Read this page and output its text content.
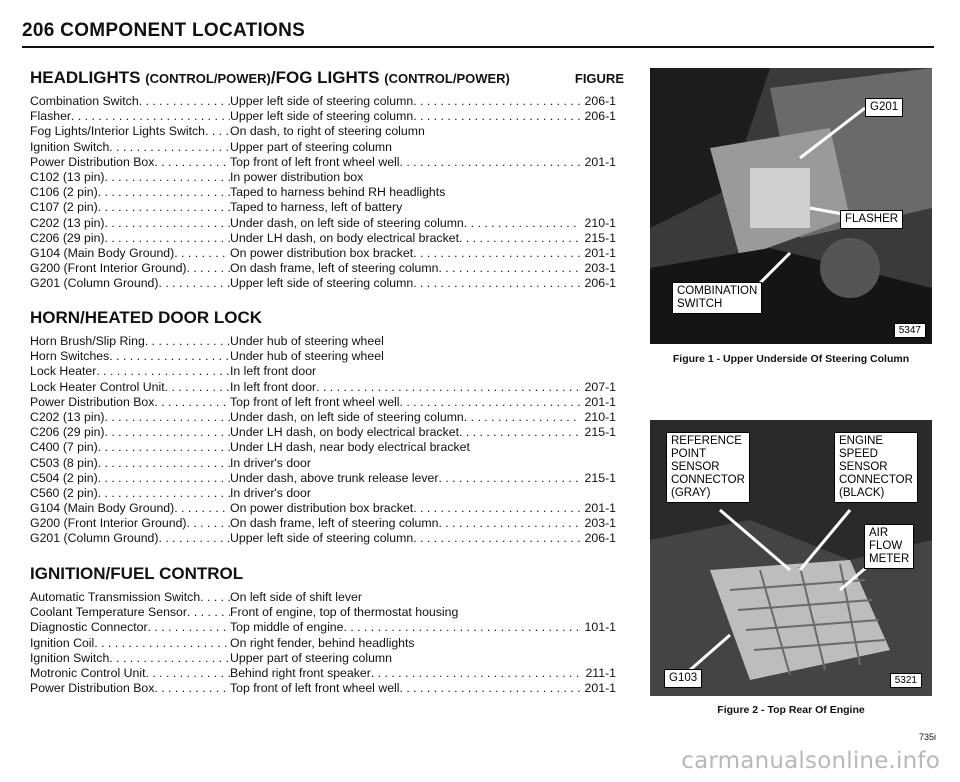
206 COMPONENT LOCATIONS
HEADLIGHTS (CONTROL/POWER)/FOG LIGHTS (CONTROL/POWER)	FIGURE
Combination Switch . . .	Upper left side of steering column . . .	206-1
Flasher . . .	Upper left side of steering column . . .	206-1
Fog Lights/Interior Lights Switch . . . On dash, to right of steering column
Ignition Switch . . .	Upper part of steering column
Power Distribution Box . . .	Top front of left front wheel well . . .	201-1
C102 (13 pin) . . .	In power distribution box
C106 (2 pin) . . .	Taped to harness behind RH headlights
C107 (2 pin) . . .	Taped to harness, left of battery
C202 (13 pin) . . .	Under dash, on left side of steering column . . .	210-1
C206 (29 pin) . . .	Under LH dash, on body electrical bracket . . .	215-1
G104 (Main Body Ground) . . .	On power distribution box bracket . . .	201-1
G200 (Front Interior Ground) . . .	On dash frame, left of steering column . . .	203-1
G201 (Column Ground) . . .	Upper left side of steering column . . .	206-1
HORN/HEATED DOOR LOCK
Horn Brush/Slip Ring . . .	Under hub of steering wheel
Horn Switches . . .	Under hub of steering wheel
Lock Heater . . .	In left front door
Lock Heater Control Unit . . .	In left front door . . .	207-1
Power Distribution Box . . .	Top front of left front wheel well . . .	201-1
C202 (13 pin) . . .	Under dash, on left side of steering column . . .	210-1
C206 (29 pin) . . .	Under LH dash, on body electrical bracket . . .	215-1
C400 (7 pin) . . .	Under LH dash, near body electrical bracket
C503 (8 pin) . . .	In driver's door
C504 (2 pin) . . .	Under dash, above trunk release lever . . .	215-1
C560 (2 pin) . . .	In driver's door
G104 (Main Body Ground) . . .	On power distribution box bracket . . .	201-1
G200 (Front Interior Ground) . . .	On dash frame, left of steering column . . .	203-1
G201 (Column Ground) . . .	Upper left side of steering column . . .	206-1
IGNITION/FUEL CONTROL
Automatic Transmission Switch . . . On left side of shift lever
Coolant Temperature Sensor . . .	Front of engine, top of thermostat housing
Diagnostic Connector . . .	Top middle of engine . . .	101-1
Ignition Coil . . .	On right fender, behind headlights
Ignition Switch . . .	Upper part of steering column
Motronic Control Unit . . .	Behind right front speaker . . .	211-1
Power Distribution Box . . .	Top front of left front wheel well . . .	201-1
G201
FLASHER
COMBINATION
SWITCH
5347
Figure 1 - Upper Underside Of Steering Column
REFERENCE
POINT
SENSOR
CONNECTOR
(GRAY)
ENGINE
SPEED
SENSOR
CONNECTOR
(BLACK)
AIR
FLOW
METER
G103	5321
Figure 2 - Top Rear Of Engine
735i
carmanualsonline.info
